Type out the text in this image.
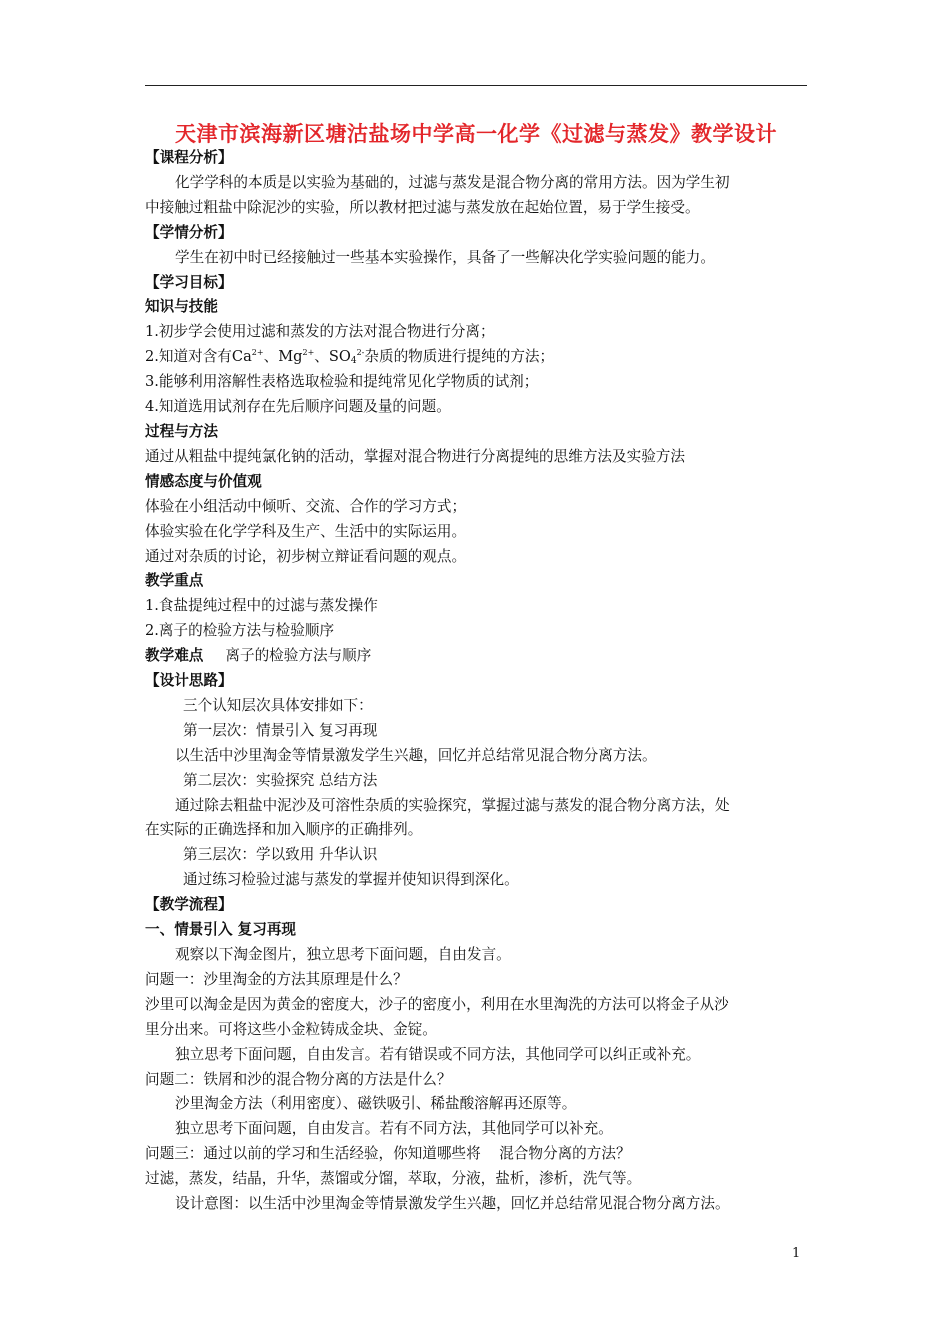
天津市滨海新区塘沽盐场中学高一化学《过滤与蒸发》教学设计
【课程分析】
化学学科的本质是以实验为基础的，过滤与蒸发是混合物分离的常用方法。因为学生初
中接触过粗盐中除泥沙的实验，所以教材把过滤与蒸发放在起始位置，易于学生接受。
【学情分析】
学生在初中时已经接触过一些基本实验操作，具备了一些解决化学实验问题的能力。
【学习目标】
知识与技能
1.初步学会使用过滤和蒸发的方法对混合物进行分离；
2.知道对含有$Ca^{2+}$、$Mg^{2+}$、$SO_4^{2-}$杂质的物质进行提纯的方法；
3.能够利用溶解性表格选取检验和提纯常见化学物质的试剂；
4.知道选用试剂存在先后顺序问题及量的问题。
过程与方法
通过从粗盐中提纯氯化钠的活动，掌握对混合物进行分离提纯的思维方法及实验方法
情感态度与价值观
体验在小组活动中倾听、交流、合作的学习方式；
体验实验在化学学科及生产、生活中的实际运用。
通过对杂质的讨论，初步树立辩证看问题的观点。
教学重点
1.食盐提纯过程中的过滤与蒸发操作
2.离子的检验方法与检验顺序
教学难点 离子的检验方法与顺序
【设计思路】
三个认知层次具体安排如下：
第一层次：情景引入 复习再现
以生活中沙里淘金等情景激发学生兴趣，回忆并总结常见混合物分离方法。
第二层次：实验探究 总结方法
通过除去粗盐中泥沙及可溶性杂质的实验探究，掌握过滤与蒸发的混合物分离方法，处
在实际的正确选择和加入顺序的正确排列。
第三层次：学以致用 升华认识
通过练习检验过滤与蒸发的掌握并使知识得到深化。
【教学流程】
一、情景引入 复习再现
观察以下淘金图片，独立思考下面问题，自由发言。
问题一：沙里淘金的方法其原理是什么？
沙里可以淘金是因为黄金的密度大，沙子的密度小，利用在水里淘洗的方法可以将金子从沙
里分出来。可将这些小金粒铸成金块、金锭。
独立思考下面问题，自由发言。若有错误或不同方法，其他同学可以纠正或补充。
问题二：铁屑和沙的混合物分离的方法是什么？
沙里淘金方法（利用密度）、磁铁吸引、稀盐酸溶解再还原等。
独立思考下面问题，自由发言。若有不同方法，其他同学可以补充。
问题三：通过以前的学习和生活经验，你知道哪些将    混合物分离的方法？
过滤，蒸发，结晶，升华，蒸馏或分馏，萃取，分液，盐析，渗析，洗气等。
设计意图：以生活中沙里淘金等情景激发学生兴趣，回忆并总结常见混合物分离方法。
1
